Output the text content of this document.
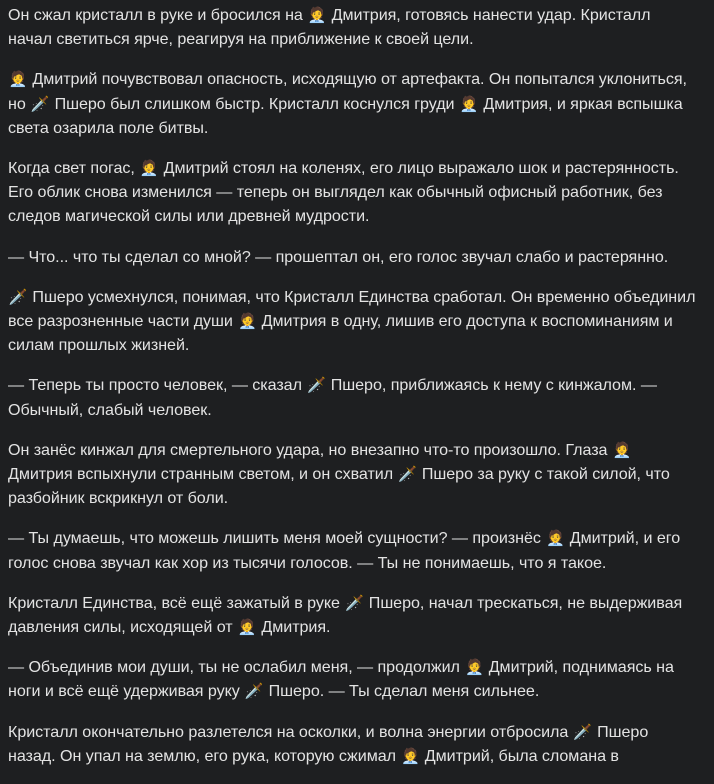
Он сжал кристалл в руке и бросился на 🧑‍💼 Дмитрия, готовясь нанести удар. Кристалл начал светиться ярче, реагируя на приближение к своей цели.

🧑‍💼 Дмитрий почувствовал опасность, исходящую от артефакта. Он попытался уклониться, но 🗡️ Пшеро был слишком быстр. Кристалл коснулся груди 🧑‍💼 Дмитрия, и яркая вспышка света озарила поле битвы.

Когда свет погас, 🧑‍💼 Дмитрий стоял на коленях, его лицо выражало шок и растерянность. Его облик снова изменился — теперь он выглядел как обычный офисный работник, без следов магической силы или древней мудрости.

— Что... что ты сделал со мной? — прошептал он, его голос звучал слабо и растерянно.

🗡️ Пшеро усмехнулся, понимая, что Кристалл Единства сработал. Он временно объединил все разрозненные части души 🧑‍💼 Дмитрия в одну, лишив его доступа к воспоминаниям и силам прошлых жизней.

— Теперь ты просто человек, — сказал 🗡️ Пшеро, приближаясь к нему с кинжалом. — Обычный, слабый человек.

Он занёс кинжал для смертельного удара, но внезапно что-то произошло. Глаза 🧑‍💼 Дмитрия вспыхнули странным светом, и он схватил 🗡️ Пшеро за руку с такой силой, что разбойник вскрикнул от боли.

— Ты думаешь, что можешь лишить меня моей сущности? — произнёс 🧑‍💼 Дмитрий, и его голос снова звучал как хор из тысячи голосов. — Ты не понимаешь, что я такое.

Кристалл Единства, всё ещё зажатый в руке 🗡️ Пшеро, начал трескаться, не выдерживая давления силы, исходящей от 🧑‍💼 Дмитрия.

— Объединив мои души, ты не ослабил меня, — продолжил 🧑‍💼 Дмитрий, поднимаясь на ноги и всё ещё удерживая руку 🗡️ Пшеро. — Ты сделал меня сильнее.

Кристалл окончательно разлетелся на осколки, и волна энергии отбросила 🗡️ Пшеро назад. Он упал на землю, его рука, которую сжимал 🧑‍💼 Дмитрий, была сломана в
